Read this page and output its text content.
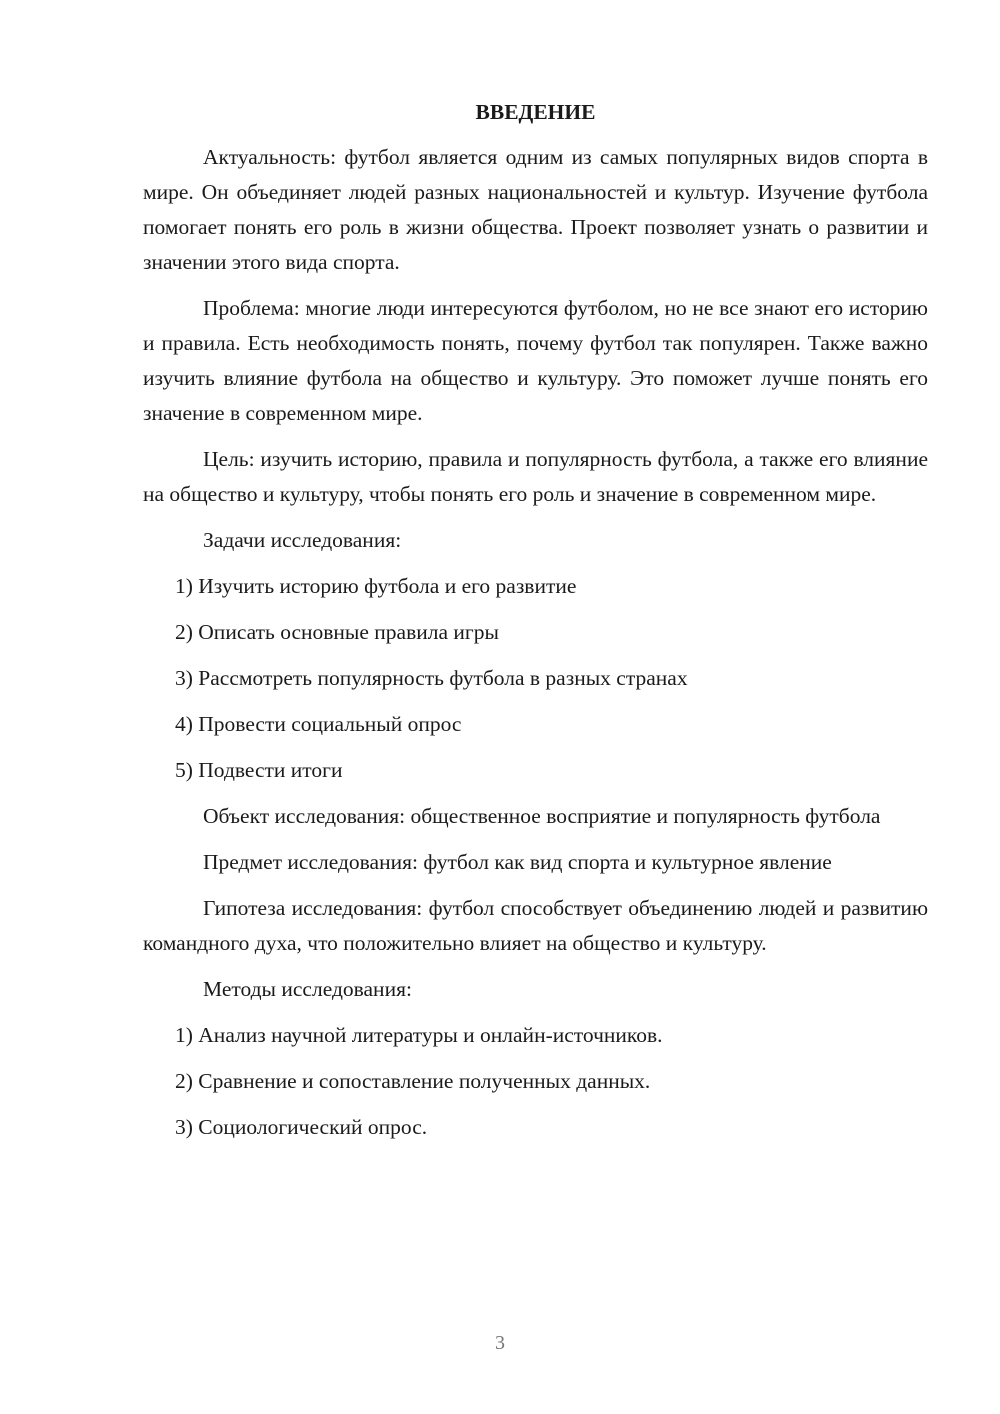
ВВЕДЕНИЕ

Актуальность: футбол является одним из самых популярных видов спорта в мире. Он объединяет людей разных национальностей и культур. Изучение футбола помогает понять его роль в жизни общества. Проект позволяет узнать о развитии и значении этого вида спорта.

Проблема: многие люди интересуются футболом, но не все знают его историю и правила. Есть необходимость понять, почему футбол так популярен. Также важно изучить влияние футбола на общество и культуру. Это поможет лучше понять его значение в современном мире.

Цель: изучить историю, правила и популярность футбола, а также его влияние на общество и культуру, чтобы понять его роль и значение в современном мире.

Задачи исследования:

1) Изучить историю футбола и его развитие

2) Описать основные правила игры

3) Рассмотреть популярность футбола в разных странах

4) Провести социальный опрос

5) Подвести итоги

Объект исследования: общественное восприятие и популярность футбола

Предмет исследования: футбол как вид спорта и культурное явление

Гипотеза исследования: футбол способствует объединению людей и развитию командного духа, что положительно влияет на общество и культуру.

Методы исследования:

1) Анализ научной литературы и онлайн-источников.

2) Сравнение и сопоставление полученных данных.

3) Социологический опрос.

3
